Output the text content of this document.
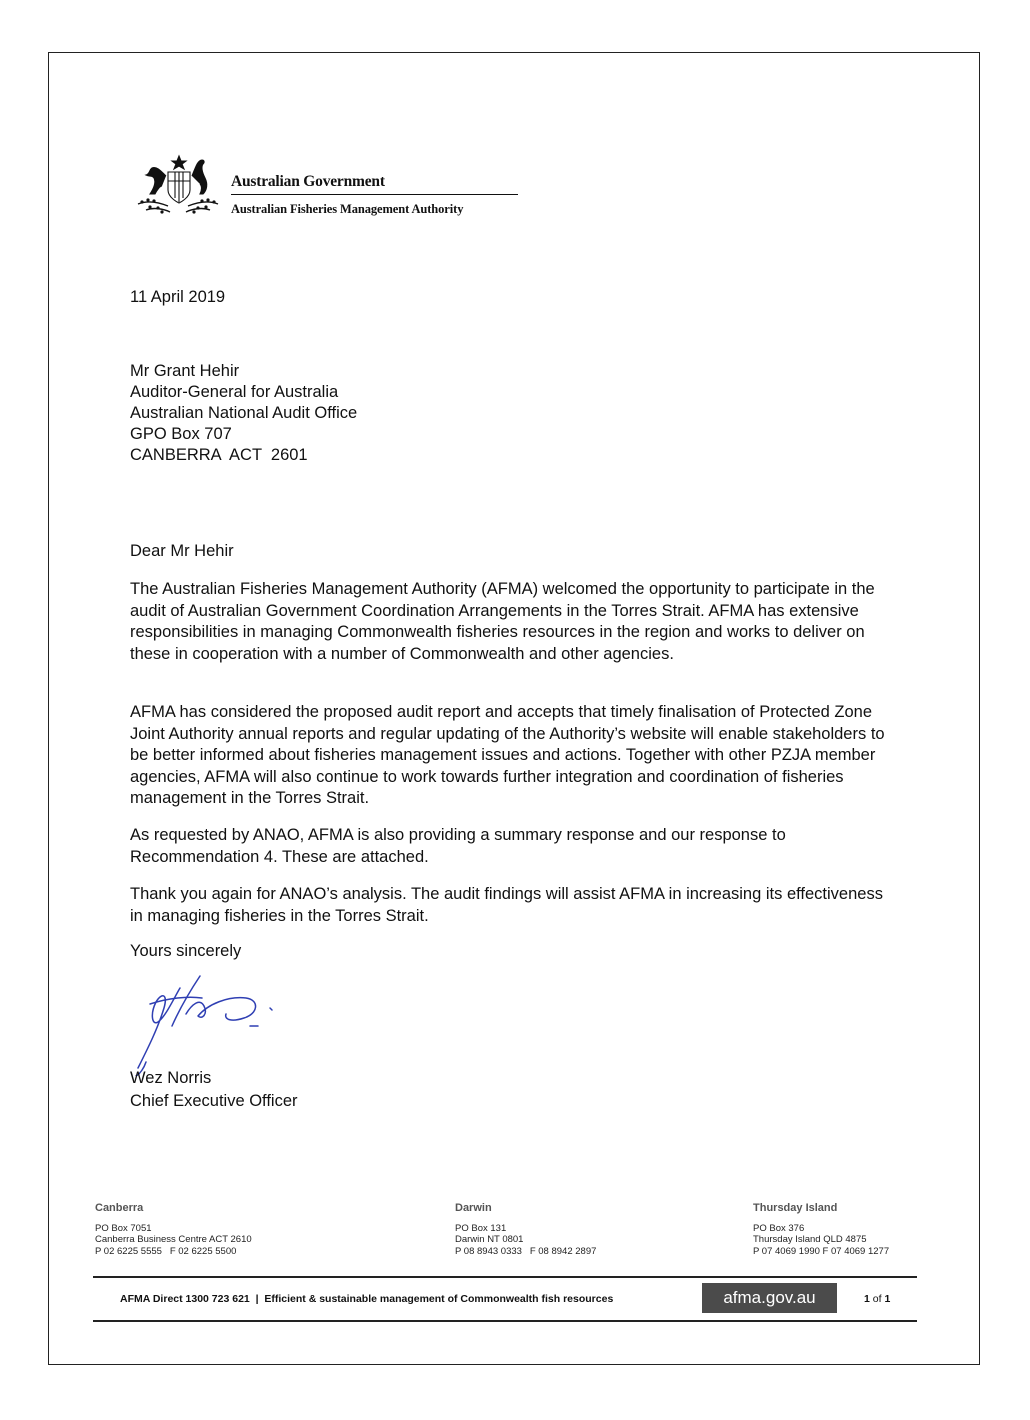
Australian Government
Australian Fisheries Management Authority
11 April 2019
Mr Grant Hehir
Auditor-General for Australia
Australian National Audit Office
GPO Box 707
CANBERRA  ACT  2601
Dear Mr Hehir
The Australian Fisheries Management Authority (AFMA) welcomed the opportunity to participate in the audit of Australian Government Coordination Arrangements in the Torres Strait. AFMA has extensive responsibilities in managing Commonwealth fisheries resources in the region and works to deliver on these in cooperation with a number of Commonwealth and other agencies.
AFMA has considered the proposed audit report and accepts that timely finalisation of Protected Zone Joint Authority annual reports and regular updating of the Authority’s website will enable stakeholders to be better informed about fisheries management issues and actions. Together with other PZJA member agencies, AFMA will also continue to work towards further integration and coordination of fisheries management in the Torres Strait.
As requested by ANAO, AFMA is also providing a summary response and our response to Recommendation 4. These are attached.
Thank you again for ANAO’s analysis. The audit findings will assist AFMA in increasing its effectiveness in managing fisheries in the Torres Strait.
Yours sincerely
Wez Norris
Chief Executive Officer
Canberra
PO Box 7051
Canberra Business Centre ACT 2610
P 02 6225 5555   F 02 6225 5500
Darwin
PO Box 131
Darwin NT 0801
P 08 8943 0333   F 08 8942 2897
Thursday Island
PO Box 376
Thursday Island QLD 4875
P 07 4069 1990 F 07 4069 1277
AFMA Direct 1300 723 621  |  Efficient & sustainable management of Commonwealth fish resources	afma.gov.au	1 of 1
